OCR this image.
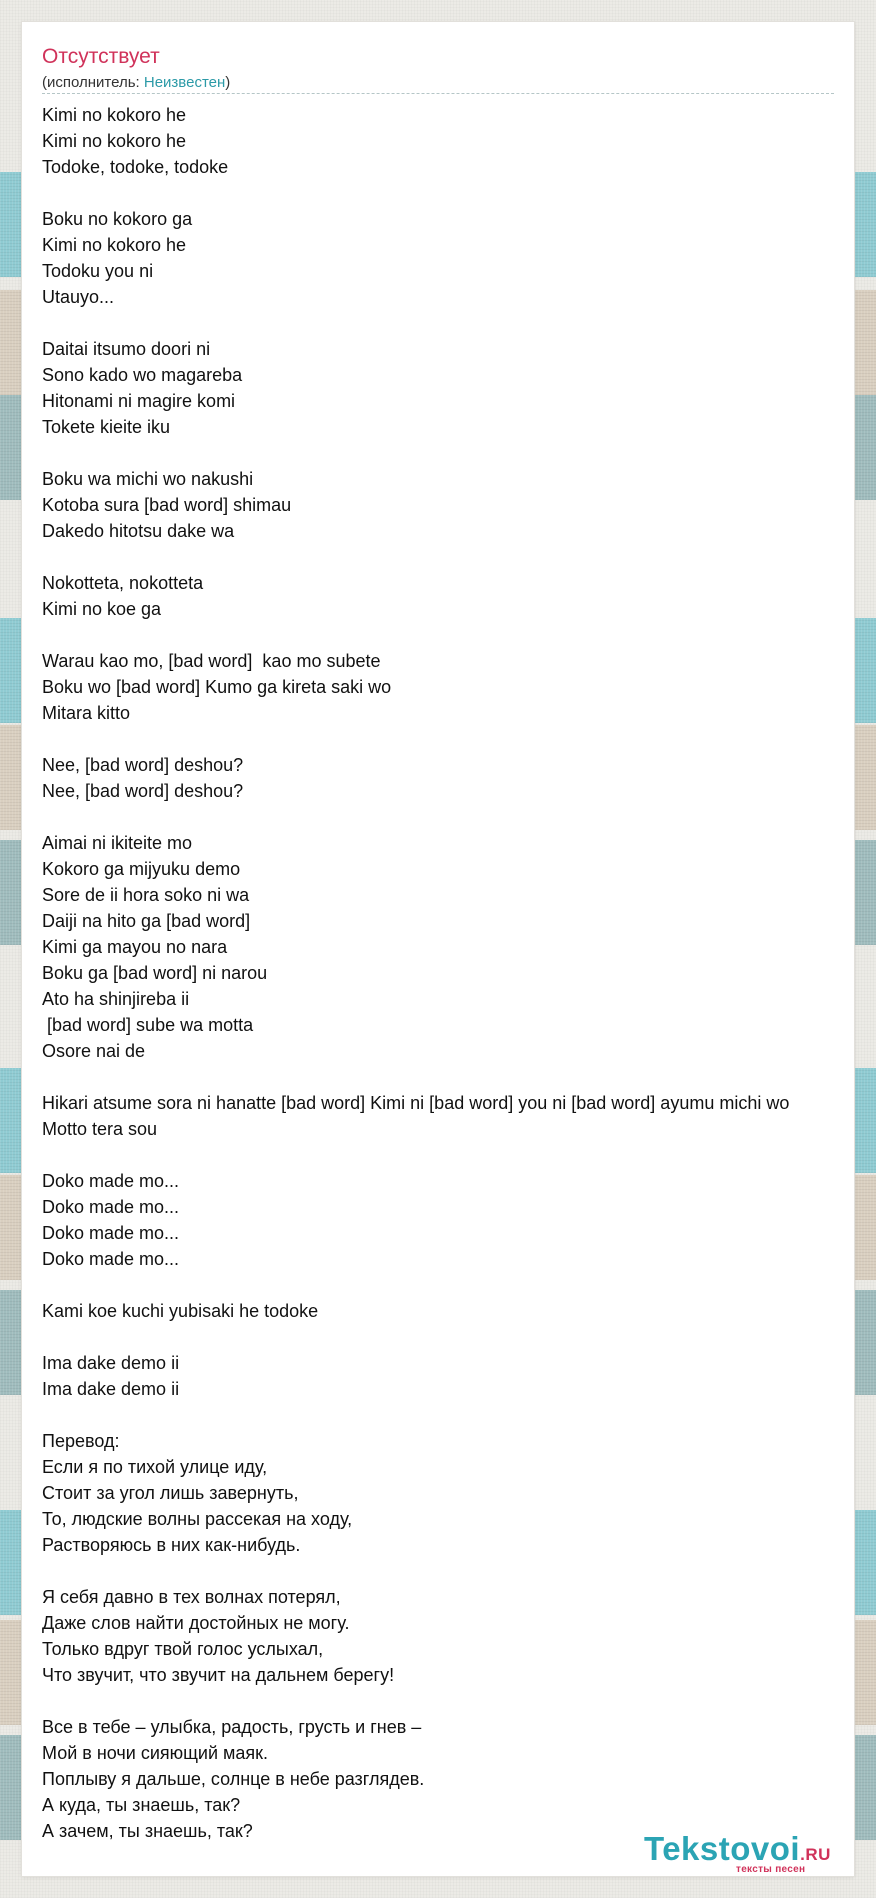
Отсутствует
(исполнитель: Неизвестен)
Kimi no kokoro he
Kimi no kokoro he
Todoke, todoke, todoke

Boku no kokoro ga
Kimi no kokoro he
Todoku you ni
Utauyo...

Daitai itsumo doori ni
Sono kado wo magareba
Hitonami ni magire komi
Tokete kieite iku

Boku wa michi wo nakushi
Kotoba sura [bad word] shimau
Dakedo hitotsu dake wa

Nokotteta, nokotteta
Kimi no koe ga

Warau kao mo, [bad word]  kao mo subete
Boku wo [bad word] Kumo ga kireta saki wo
Mitara kitto

Nee, [bad word] deshou?
Nee, [bad word] deshou?

Aimai ni ikiteite mo
Kokoro ga mijyuku demo
Sore de ii hora soko ni wa
Daiji na hito ga [bad word]
Kimi ga mayou no nara
Boku ga [bad word] ni narou
Ato ha shinjireba ii
[bad word] sube wa motta
Osore nai de

Hikari atsume sora ni hanatte [bad word] Kimi ni [bad word] you ni [bad word] ayumu michi wo
Motto tera sou

Doko made mo...
Doko made mo...
Doko made mo...
Doko made mo...

Kami koe kuchi yubisaki he todoke

Ima dake demo ii
Ima dake demo ii

Перевод:
Если я по тихой улице иду,
Стоит за угол лишь завернуть,
То, людские волны рассекая на ходу,
Растворяюсь в них как-нибудь.

Я себя давно в тех волнах потерял,
Даже слов найти достойных не могу.
Только вдруг твой голос услыхал,
Что звучит, что звучит на дальнем берегу!

Все в тебе – улыбка, радость, грусть и гнев –
Мой в ночи сияющий маяк.
Поплыву я дальше, солнце в небе разглядев.
А куда, ты знаешь, так?
А зачем, ты знаешь, так?	Tekstovoi.RU
тексты песен
